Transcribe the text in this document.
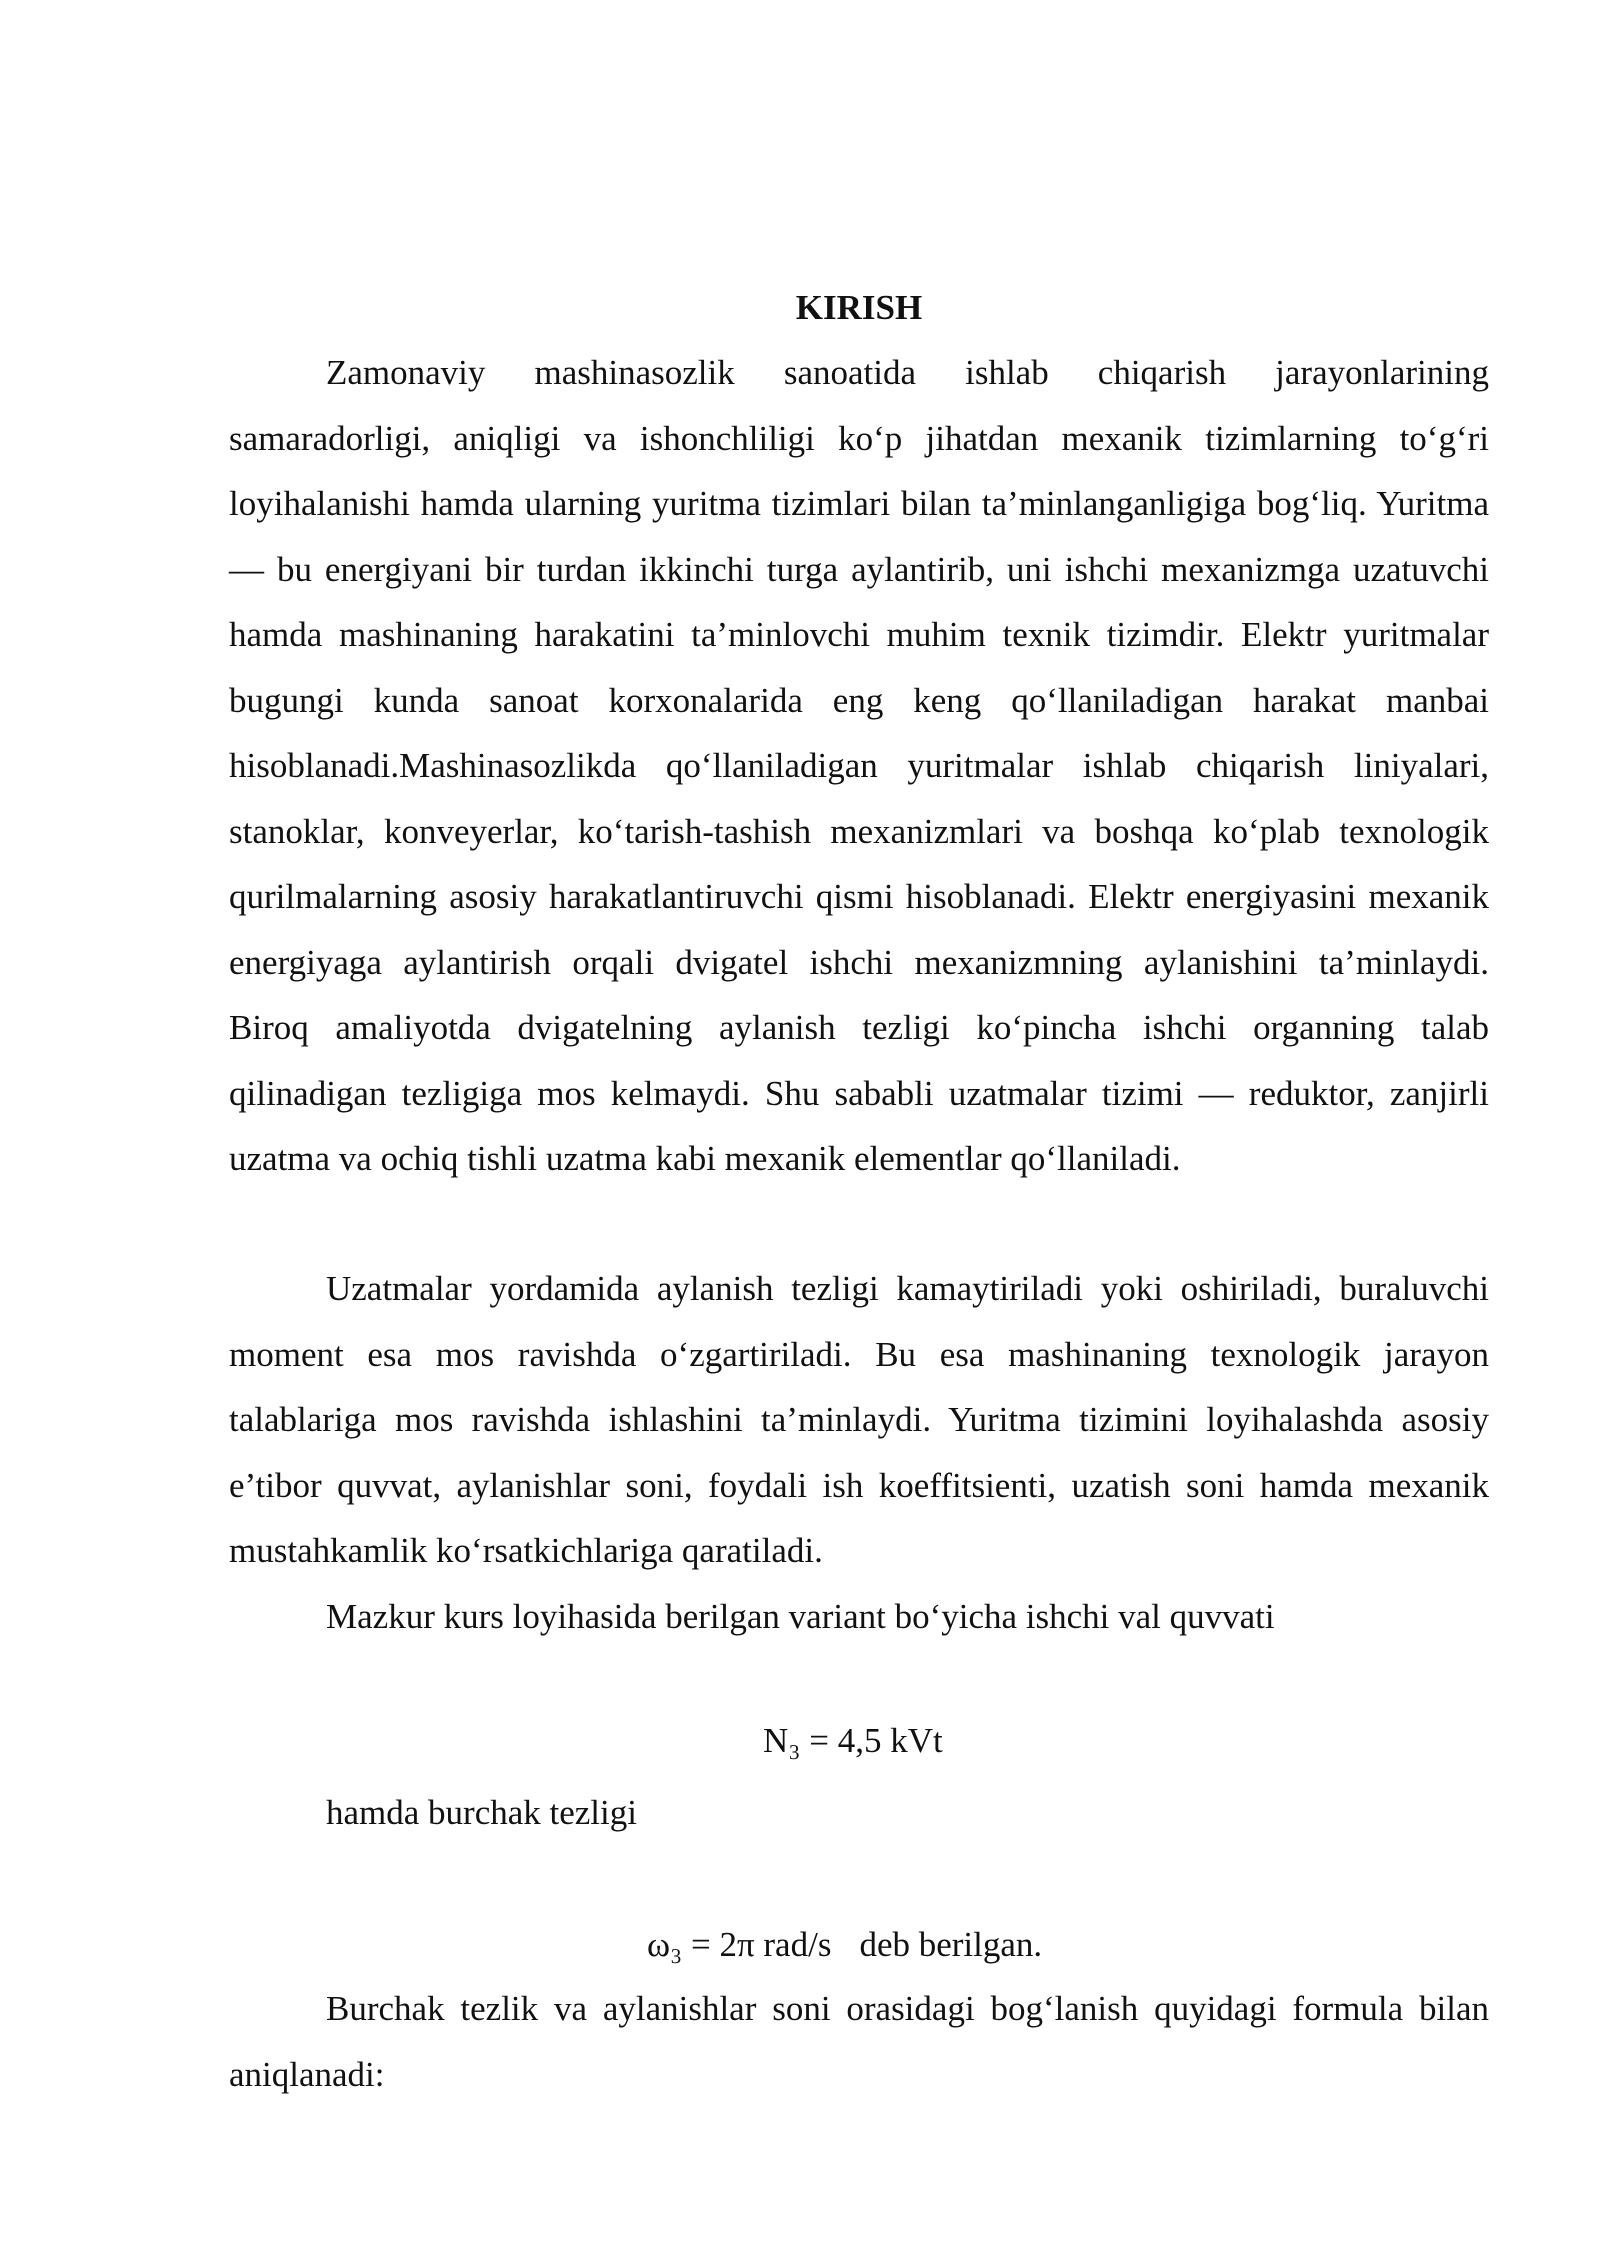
KIRISH

Zamonaviy mashinasozlik sanoatida ishlab chiqarish jarayonlarining samaradorligi, aniqligi va ishonchliligi ko‘p jihatdan mexanik tizimlarning to‘g‘ri loyihalanishi hamda ularning yuritma tizimlari bilan ta’minlanganligiga bog‘liq. Yuritma — bu energiyani bir turdan ikkinchi turga aylantirib, uni ishchi mexanizmga uzatuvchi hamda mashinaning harakatini ta’minlovchi muhim texnik tizimdir. Elektr yuritmalar bugungi kunda sanoat korxonalarida eng keng qo‘llaniladigan harakat manbai hisoblanadi.Mashinasozlikda qo‘llaniladigan yuritmalar ishlab chiqarish liniyalari, stanoklar, konveyerlar, ko‘tarish-tashish mexanizmlari va boshqa ko‘plab texnologik qurilmalarning asosiy harakatlantiruvchi qismi hisoblanadi. Elektr energiyasini mexanik energiyaga aylantirish orqali dvigatel ishchi mexanizmning aylanishini ta’minlaydi. Biroq amaliyotda dvigatelning aylanish tezligi ko‘pincha ishchi organning talab qilinadigan tezligiga mos kelmaydi. Shu sababli uzatmalar tizimi — reduktor, zanjirli uzatma va ochiq tishli uzatma kabi mexanik elementlar qo‘llaniladi.

Uzatmalar yordamida aylanish tezligi kamaytiriladi yoki oshiriladi, buraluvchi moment esa mos ravishda o‘zgartiriladi. Bu esa mashinaning texnologik jarayon talablariga mos ravishda ishlashini ta’minlaydi. Yuritma tizimini loyihalashda asosiy e’tibor quvvat, aylanishlar soni, foydali ish koeffitsienti, uzatish soni hamda mexanik mustahkamlik ko‘rsatkichlariga qaratiladi.

Mazkur kurs loyihasida berilgan variant bo‘yicha ishchi val quvvati

N₃ = 4,5 kVt

hamda burchak tezligi

ω₃ = 2π rad/s deb berilgan.

Burchak tezlik va aylanishlar soni orasidagi bog‘lanish quyidagi formula bilan aniqlanadi:
